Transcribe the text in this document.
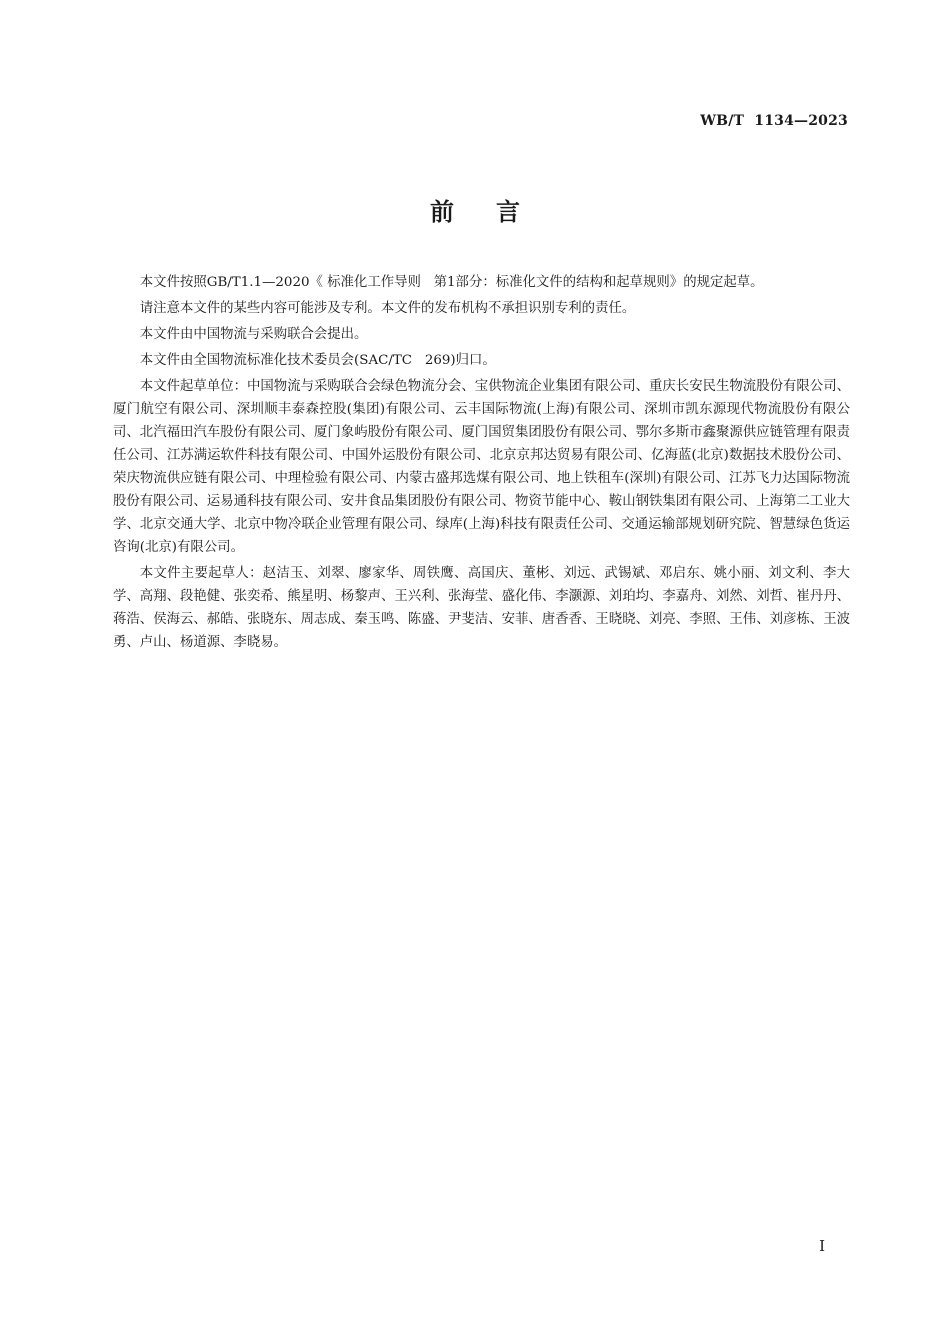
WB/T  1134—2023
前言

本文件按照GB/T1.1—2020《 标准化工作导则   第1部分：标准化文件的结构和起草规则》的规定起草。

请注意本文件的某些内容可能涉及专利。本文件的发布机构不承担识别专利的责任。

本文件由中国物流与采购联合会提出。

本文件由全国物流标准化技术委员会(SAC/TC   269)归口。

本文件起草单位：中国物流与采购联合会绿色物流分会、宝供物流企业集团有限公司、重庆长安民生物流股份有限公司、厦门航空有限公司、深圳顺丰泰森控股(集团)有限公司、云丰国际物流(上海)有限公司、深圳市凯东源现代物流股份有限公司、北汽福田汽车股份有限公司、厦门象屿股份有限公司、厦门国贸集团股份有限公司、鄂尔多斯市鑫聚源供应链管理有限责任公司、江苏满运软件科技有限公司、中国外运股份有限公司、北京京邦达贸易有限公司、亿海蓝(北京)数据技术股份公司、荣庆物流供应链有限公司、中理检验有限公司、内蒙古盛邦选煤有限公司、地上铁租车(深圳)有限公司、江苏飞力达国际物流股份有限公司、运易通科技有限公司、安井食品集团股份有限公司、物资节能中心、鞍山钢铁集团有限公司、上海第二工业大学、北京交通大学、北京中物冷联企业管理有限公司、绿库(上海)科技有限责任公司、交通运输部规划研究院、智慧绿色货运咨询(北京)有限公司。

本文件主要起草人：赵洁玉、刘翠、廖家华、周铁鹰、高国庆、董彬、刘远、武锡斌、邓启东、姚小丽、刘文利、李大学、高翔、段艳健、张奕希、熊星明、杨黎声、王兴利、张海莹、盛化伟、李灏源、刘珀均、李嘉舟、刘然、刘哲、崔丹丹、蒋浩、侯海云、郝皓、张晓东、周志成、秦玉鸣、陈盛、尹斐洁、安菲、唐香香、王晓晓、刘亮、李照、王伟、刘彦栋、王波勇、卢山、杨道源、李晓易。

I
